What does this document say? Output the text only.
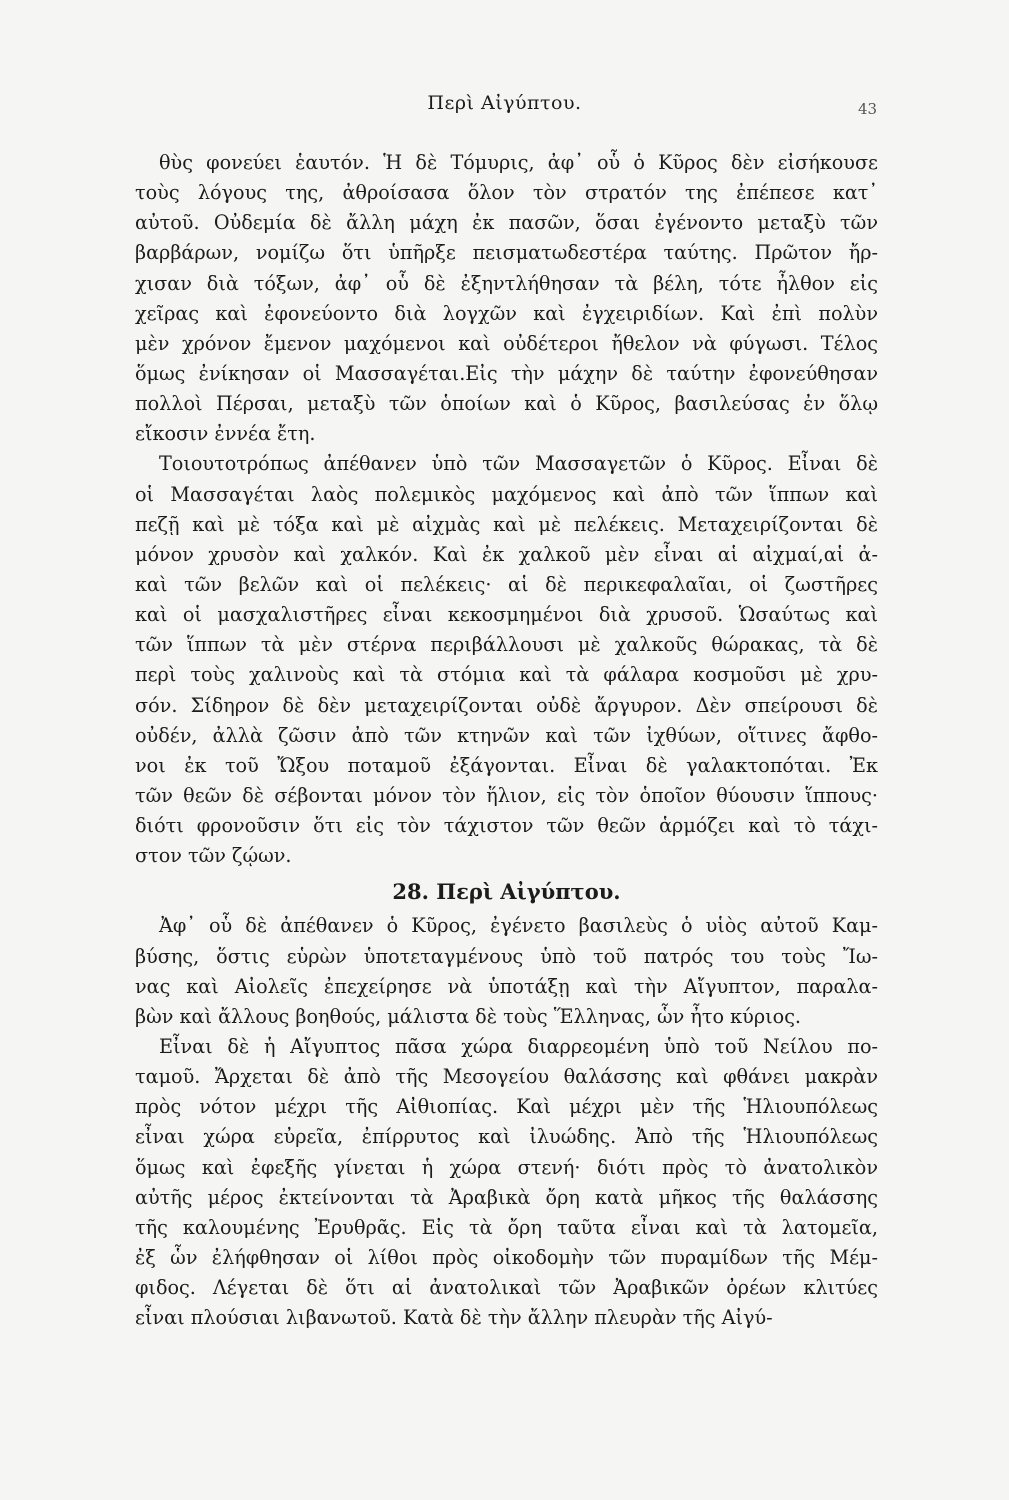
Περὶ Αἰγύπτου.	43
θὺς φονεύει ἑαυτόν. Ἡ δὲ Τόμυρις, ἀφ᾽ οὗ ὁ Κῦρος δὲν εἰσήκουσε
τοὺς λόγους της, ἀθροίσασα ὅλον τὸν στρατόν της ἐπέπεσε κατ᾽
αὐτοῦ. Οὐδεμία δὲ ἄλλη μάχη ἐκ πασῶν, ὅσαι ἐγένοντο μεταξὺ τῶν
βαρβάρων, νομίζω ὅτι ὑπῆρξε πεισματωδεστέρα ταύτης. Πρῶτον ἤρ-
χισαν διὰ τόξων, ἀφ᾽ οὗ δὲ ἐξηντλήθησαν τὰ βέλη, τότε ἦλθον εἰς
χεῖρας καὶ ἐφονεύοντο διὰ λογχῶν καὶ ἐγχειριδίων. Καὶ ἐπὶ πολὺν
μὲν χρόνον ἔμενον μαχόμενοι καὶ οὐδέτεροι ἤθελον νὰ φύγωσι. Τέλος
ὅμως ἐνίκησαν οἱ Μασσαγέται.Εἰς τὴν μάχην δὲ ταύτην ἐφονεύθησαν
πολλοὶ Πέρσαι, μεταξὺ τῶν ὁποίων καὶ ὁ Κῦρος, βασιλεύσας ἐν ὅλῳ
εἴκοσιν ἐννέα ἔτη.
Τοιουτοτρόπως ἀπέθανεν ὑπὸ τῶν Μασσαγετῶν ὁ Κῦρος. Εἶναι δὲ
οἱ Μασσαγέται λαὸς πολεμικὸς μαχόμενος καὶ ἀπὸ τῶν ἵππων καὶ
πεζῇ καὶ μὲ τόξα καὶ μὲ αἰχμὰς καὶ μὲ πελέκεις. Μεταχειρίζονται δὲ
μόνον χρυσὸν καὶ χαλκόν. Καὶ ἐκ χαλκοῦ μὲν εἶναι αἱ αἰχμαί,αἱ ἀ-
καὶ τῶν βελῶν καὶ οἱ πελέκεις· αἱ δὲ περικεφαλαῖαι, οἱ ζωστῆρες
καὶ οἱ μασχαλιστῆρες εἶναι κεκοσμημένοι διὰ χρυσοῦ. Ὡσαύτως καὶ
τῶν ἵππων τὰ μὲν στέρνα περιβάλλουσι μὲ χαλκοῦς θώρακας, τὰ δὲ
περὶ τοὺς χαλινοὺς καὶ τὰ στόμια καὶ τὰ φάλαρα κοσμοῦσι μὲ χρυ-
σόν. Σίδηρον δὲ δὲν μεταχειρίζονται οὐδὲ ἄργυρον. Δὲν σπείρουσι δὲ
οὐδέν, ἀλλὰ ζῶσιν ἀπὸ τῶν κτηνῶν καὶ τῶν ἰχθύων, οἵτινες ἄφθο-
νοι ἐκ τοῦ Ὤξου ποταμοῦ ἐξάγονται. Εἶναι δὲ γαλακτοπόται. Ἐκ
τῶν θεῶν δὲ σέβονται μόνον τὸν ἥλιον, εἰς τὸν ὁποῖον θύουσιν ἵππους·
διότι φρονοῦσιν ὅτι εἰς τὸν τάχιστον τῶν θεῶν ἁρμόζει καὶ τὸ τάχι-
στον τῶν ζῴων.
28. Περὶ Αἰγύπτου.
Ἀφ᾽ οὗ δὲ ἀπέθανεν ὁ Κῦρος, ἐγένετο βασιλεὺς ὁ υἱὸς αὐτοῦ Καμ-
βύσης, ὅστις εὑρὼν ὑποτεταγμένους ὑπὸ τοῦ πατρός του τοὺς Ἴω-
νας καὶ Αἰολεῖς ἐπεχείρησε νὰ ὑποτάξῃ καὶ τὴν Αἴγυπτον, παραλα-
βὼν καὶ ἄλλους βοηθούς, μάλιστα δὲ τοὺς Ἕλληνας, ὧν ἦτο κύριος.
Εἶναι δὲ ἡ Αἴγυπτος πᾶσα χώρα διαρρεομένη ὑπὸ τοῦ Νείλου πο-
ταμοῦ. Ἄρχεται δὲ ἀπὸ τῆς Μεσογείου θαλάσσης καὶ φθάνει μακρὰν
πρὸς νότον μέχρι τῆς Αἰθιοπίας. Καὶ μέχρι μὲν τῆς Ἡλιουπόλεως
εἶναι χώρα εὐρεῖα, ἐπίρρυτος καὶ ἰλυώδης. Ἀπὸ τῆς Ἡλιουπόλεως
ὅμως καὶ ἐφεξῆς γίνεται ἡ χώρα στενή· διότι πρὸς τὸ ἀνατολικὸν
αὐτῆς μέρος ἐκτείνονται τὰ Ἀραβικὰ ὄρη κατὰ μῆκος τῆς θαλάσσης
τῆς καλουμένης Ἐρυθρᾶς. Εἰς τὰ ὄρη ταῦτα εἶναι καὶ τὰ λατομεῖα,
ἐξ ὧν ἐλήφθησαν οἱ λίθοι πρὸς οἰκοδομὴν τῶν πυραμίδων τῆς Μέμ-
φιδος. Λέγεται δὲ ὅτι αἱ ἀνατολικαὶ τῶν Ἀραβικῶν ὀρέων κλιτύες
εἶναι πλούσιαι λιβανωτοῦ. Κατὰ δὲ τὴν ἄλλην πλευρὰν τῆς Αἰγύ-
